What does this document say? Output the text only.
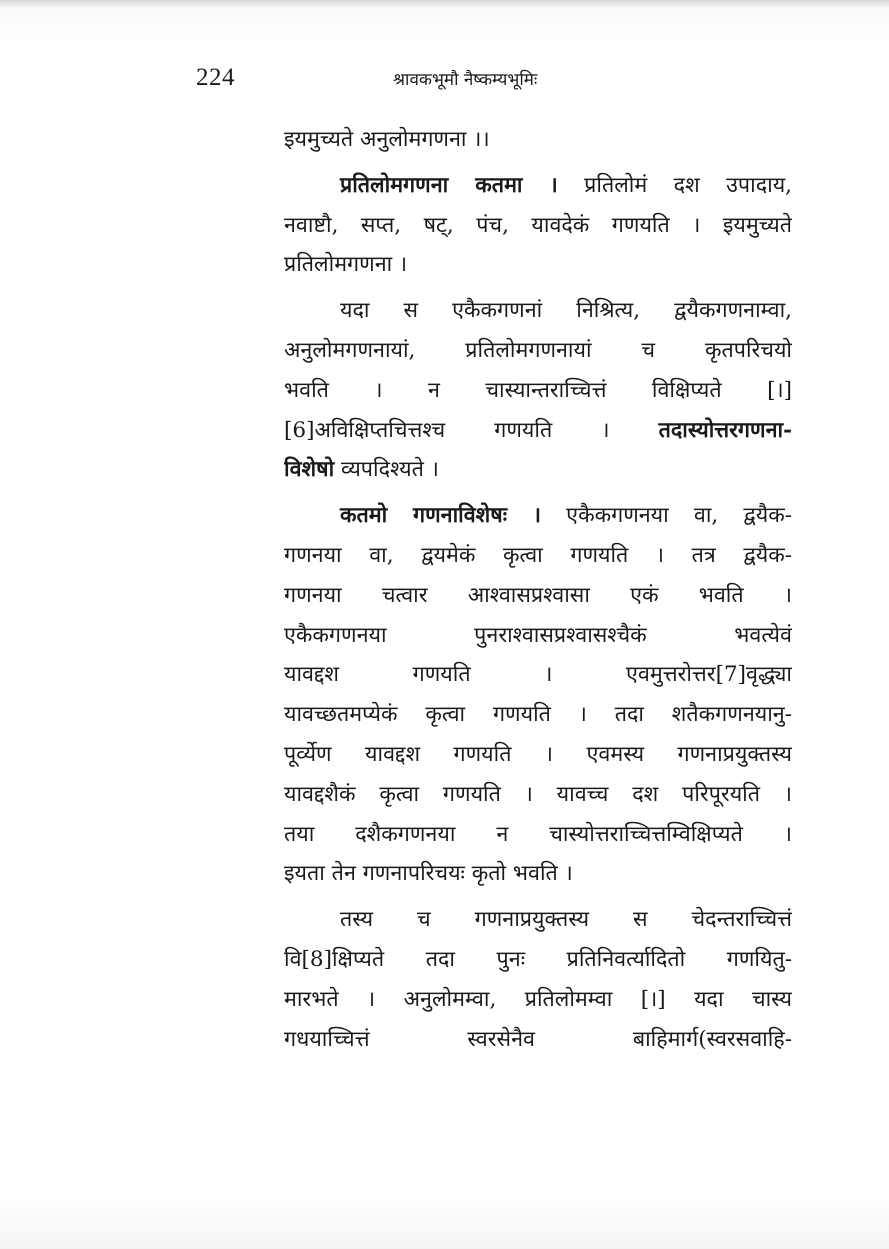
224	श्रावकभूमौ नैष्कम्यभूमिः
इयमुच्यते अनुलोमगणना ।।
प्रतिलोमगणना कतमा । प्रतिलोमं दश उपादाय,
नवाष्टौ, सप्त, षट्, पंच, यावदेकं गणयति । इयमुच्यते
प्रतिलोमगणना ।
यदा स एकैकगणनां निश्रित्य, द्वयैकगणनाम्वा,
अनुलोमगणनायां, प्रतिलोमगणनायां च कृतपरिचयो
भवति । न चास्यान्तराच्चित्तं विक्षिप्यते [।]
[6]अविक्षिप्तचित्तश्च गणयति । तदास्योत्तरगणना-
विशेषो व्यपदिश्यते ।
कतमो गणनाविशेषः । एकैकगणनया वा, द्वयैक-
गणनया वा, द्वयमेकं कृत्वा गणयति । तत्र द्वयैक-
गणनया चत्वार आश्वासप्रश्वासा एकं भवति ।
एकैकगणनया पुनराश्वासप्रश्वासश्चैकं भवत्येवं
यावद्दश गणयति । एवमुत्तरोत्तर[7]वृद्ध्या
यावच्छतमप्येकं कृत्वा गणयति । तदा शतैकगणनयानु-
पूर्व्येण यावद्दश गणयति । एवमस्य गणनाप्रयुक्तस्य
यावद्दशैकं कृत्वा गणयति । यावच्च दश परिपूरयति ।
तया दशैकगणनया न चास्योत्तराच्चित्तम्विक्षिप्यते ।
इयता तेन गणनापरिचयः कृतो भवति ।
तस्य च गणनाप्रयुक्तस्य स चेदन्तराच्चित्तं
वि[8]क्षिप्यते तदा पुनः प्रतिनिवर्त्यादितो गणयितु-
मारभते । अनुलोमम्वा, प्रतिलोमम्वा [।] यदा चास्य
गधयाच्चित्तं स्वरसेनैव बाहिमार्ग(स्वरसवाहि-
